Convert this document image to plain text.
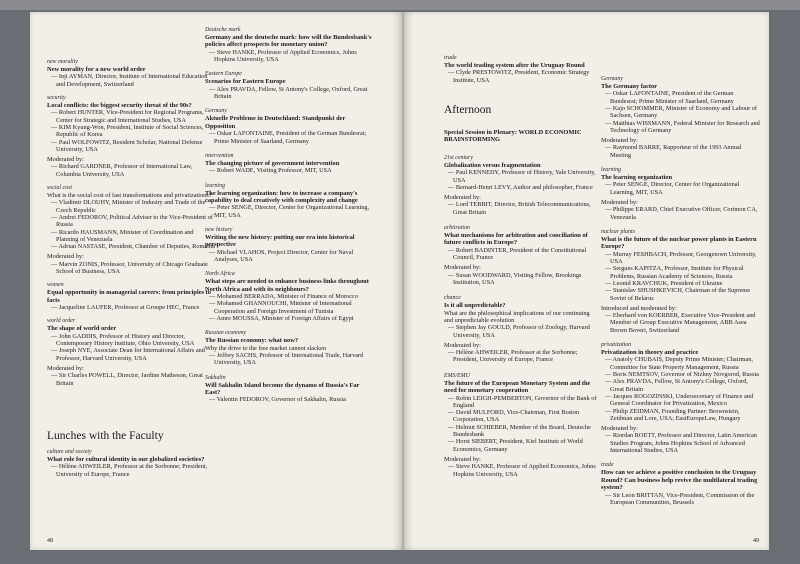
new morality
New morality for a new world order
— Inji AYMAN, Director, Institute of International Education and Development, Switzerland
security
Local conflicts: the biggest security threat of the 90s?
— Robert HUNTER, Vice-President for Regional Programs, Center for Strategic and International Studies, USA
— KIM Kyung-Won, President, Institute of Social Sciences, Republic of Korea
— Paul WOLFOWITZ, Resident Scholar, National Defense University, USA
Moderated by:
— Richard GARDNER, Professor of International Law, Columbia University, USA
social cost
What is the social cost of fast transformations and privatizations?
— Vladimir DLOUHY, Minister of Industry and Trade of the Czech Republic
— Andrei FEDOROV, Political Adviser to the Vice-President of Russia
— Ricardo HAUSMANN, Minister of Coordination and Planning of Venezuela
— Adrian NASTASE, President, Chamber of Deputies, Romania
Moderated by:
— Marvin ZONIS, Professor, University of Chicago Graduate School of Business, USA
women
Equal opportunity in managerial careers: from principles to facts
— Jacqueline LAUFER, Professor at Groupe HEC, France
world order
The shape of world order
— John GADDIS, Professor of History and Director, Contemporary History Institute, Ohio University, USA
— Joseph NYE, Associate Dean for International Affairs and Professor, Harvard University, USA
Moderated by:
— Sir Charles POWELL, Director, Jardine Matheson, Great Britain
Lunches with the Faculty
culture and society
What role for cultural identity in our globalized societies?
— Hélène AHWEILER, Professor at the Sorbonne; President, University of Europe, France
Deutsche mark
Germany and the deutsche mark: how will the Bundesbank's policies affect prospects for monetary union?
— Steve HANKE, Professor of Applied Economics, Johns Hopkins University, USA
Eastern Europe
Scenarios for Eastern Europe
— Alex PRAVDA, Fellow, St Antony's College, Oxford, Great Britain
Germany
Aktuelle Probleme in Deutschland: Standpunkt der Opposition
— Oskar LAFONTAINE, President of the German Bundesrat; Prime Minister of Saarland, Germany
intervention
The changing picture of government intervention
— Robert WADE, Visiting Professor, MIT, USA
learning
The learning organization: how to increase a company's capability to deal creatively with complexity and change
— Peter SENGE, Director, Center for Organizational Learning, MIT, USA
new history
Writing the new history: putting our era into historical perspective
— Michael VLAHOS, Project Director, Center for Naval Analyses, USA
North Africa
What steps are needed to enhance business links throughout North Africa and with its neighbours?
— Mohamed BERRADA, Minister of Finance of Morocco
— Mohamed GHANNOUCHI, Minister of International Cooperation and Foreign Investment of Tunisia
— Amre MOUSSA, Minister of Foreign Affairs of Egypt
Russian economy
The Russian economy: what now?
Why the drive to the free market cannot slacken
— Jeffrey SACHS, Professor of International Trade, Harvard University, USA
Sakhalin
Will Sakhalin Island become the dynamo of Russia's Far East?
— Valentin FEDOROV, Governor of Sakhalin, Russia
48
trade
The world trading system after the Uruguay Round
— Clyde PRESTOWITZ, President, Economic Strategy Institute, USA
Afternoon
Special Session in Plenary: WORLD ECONOMIC BRAINSTORMING
21st century
Globalization versus fragmentation
— Paul KENNEDY, Professor of History, Yale University, USA
— Bernard-Henri LEVY, Author and philosopher, France
Moderated by:
— Lord TEBBIT, Director, British Telecommunications, Great Britain
arbitration
What mechanisms for arbitration and conciliation of future conflicts in Europe?
— Robert BADINTER, President of the Constitutional Council, France
Moderated by:
— Susan WOODWARD, Visiting Fellow, Brookings Institution, USA
chance
Is it all unpredictable?
What are the philosophical implications of our continuing and unpredictable evolution
— Stephen Jay GOULD, Professor of Zoology, Harvard University, USA
Moderated by:
— Hélène AHWEILER, Professor at the Sorbonne; President, University of Europe, France
EMS/EMU
The future of the European Monetary System and the need for monetary cooperation
— Robin LEIGH-PEMBERTON, Governor of the Bank of England
— David MULFORD, Vice-Chairman, First Boston Corporation, USA
— Helmut SCHIEBER, Member of the Board, Deutsche Bundesbank
— Horst SIEBERT, President, Kiel Institute of World Economics, Germany
Moderated by:
— Steve HANKE, Professor of Applied Economics, Johns Hopkins University, USA
Germany
The Germany factor
— Oskar LAFONTAINE, President of the German Bundesrat; Prime Minister of Saarland, Germany
— Kajo SCHOMMER, Minister of Economy and Labour of Sachsen, Germany
— Matthias WISSMANN, Federal Minister for Research and Technology of Germany
Moderated by:
— Raymond BARRE, Rapporteur of the 1993 Annual Meeting
learning
The learning organization
— Peter SENGE, Director, Center for Organizational Learning, MIT, USA
Moderated by:
— Philippe ERARD, Chief Executive Officer, Corimon CA, Venezuela
nuclear plants
What is the future of the nuclear power plants in Eastern Europe?
— Murray FESHBACH, Professor, Georgetown University, USA
— Sergues KAPITZA, Professor, Institute for Physical Problems, Russian Academy of Sciences, Russia
— Leonid KRAVCHUK, President of Ukraine
— Stanislav SHUSHKEVICH, Chairman of the Supreme Soviet of Belarus
Introduced and moderated by:
— Eberhard von KOERBER, Executive Vice-President and Member of Group Executive Management, ABB Asea Brown Boveri, Switzerland
privatization
Privatization in theory and practice
— Anatoly CHUBAIS, Deputy Prime Minister; Chairman, Committee for State Property Management, Russia
— Boris NEMTSOV, Governor of Nizhny Novgorod, Russia
— Alex PRAVDA, Fellow, St Antony's College, Oxford, Great Britain
— Jacques ROGOZINSKI, Undersecretary of Finance and General Coordinator for Privatization, Mexico
— Philip ZEIDMAN, Founding Partner: Brownstein, Zeidman and Lore, USA; EastEuropeLaw, Hungary
Moderated by:
— Riordan ROETT, Professor and Director, Latin American Studies Program, Johns Hopkins School of Advanced International Studies, USA
trade
How can we achieve a positive conclusion to the Uruguay Round? Can business help revive the multilateral trading system?
— Sir Leon BRITTAN, Vice-President, Commission of the European Communities, Brussels
49
